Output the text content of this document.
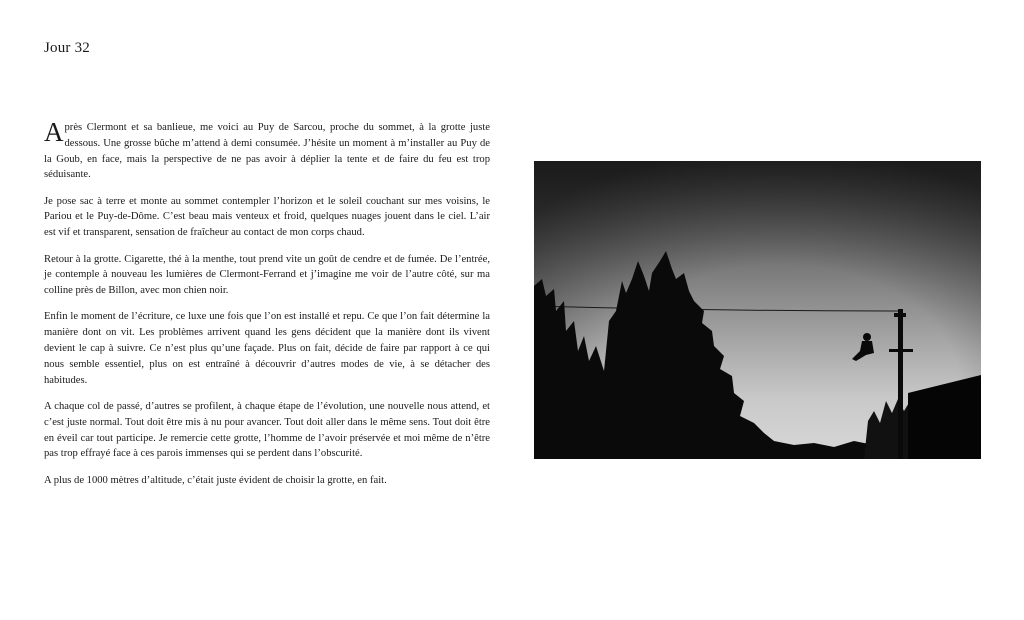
Jour 32

Après Clermont et sa banlieue, me voici au Puy de Sarcou, proche du sommet, à la grotte juste dessous. Une grosse bûche m’attend à demi consumée. J’hésite un moment à m’installer au Puy de la Goub, en face, mais la perspective de ne pas avoir à déplier la tente et de faire du feu est trop séduisante.

Je pose sac à terre et monte au sommet contempler l’horizon et le soleil couchant sur mes voisins, le Pariou et le Puy-de-Dôme. C’est beau mais venteux et froid, quelques nuages jouent dans le ciel. L’air est vif et transparent, sensation de fraîcheur au contact de mon corps chaud.

Retour à la grotte. Cigarette, thé à la menthe, tout prend vite un goût de cendre et de fumée. De l’entrée, je contemple à nouveau les lumières de Clermont-Ferrand et j’imagine me voir de l’autre côté, sur ma colline près de Billon, avec mon chien noir.

Enfin le moment de l’écriture, ce luxe une fois que l’on est installé et repu. Ce que l’on fait détermine la manière dont on vit. Les problèmes arrivent quand les gens décident que la manière dont ils vivent devient le cap à suivre. Ce n’est plus qu’une façade. Plus on fait, décide de faire par rapport à ce qui nous semble essentiel, plus on est entraîné à découvrir d’autres modes de vie, à se détacher des habitudes.

A chaque col de passé, d’autres se profilent, à chaque étape de l’évolution, une nouvelle nous attend, et c’est juste normal. Tout doit être mis à nu pour avancer. Tout doit aller dans le même sens. Tout doit être en éveil car tout participe. Je remercie cette grotte, l’homme de l’avoir préservée et moi même de n’être pas trop effrayé face à ces parois immenses qui se perdent dans l’obscurité.

A plus de 1000 mètres d’altitude, c’était juste évident de choisir la grotte, en fait.
